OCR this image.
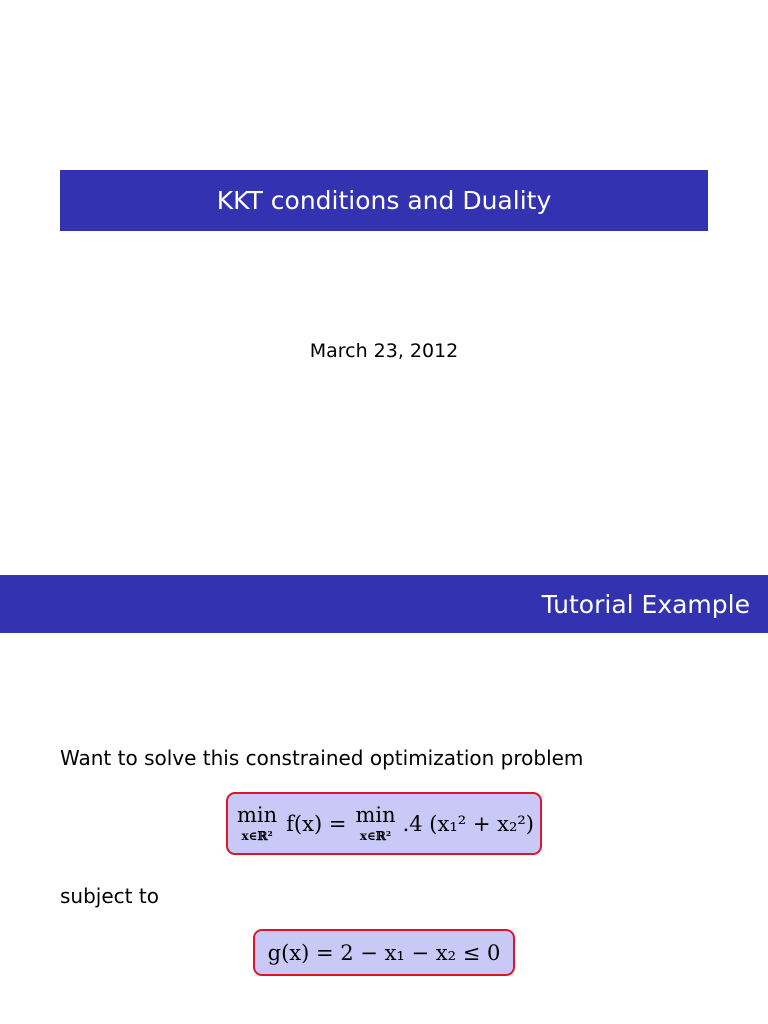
KKT conditions and Duality
March 23, 2012
Tutorial Example
Want to solve this constrained optimization problem
min
x∈ℝ²
f(x) = min
x∈ℝ²
.4 (x₁² + x₂²)
subject to
g(x) = 2 − x₁ − x₂ ≤ 0
